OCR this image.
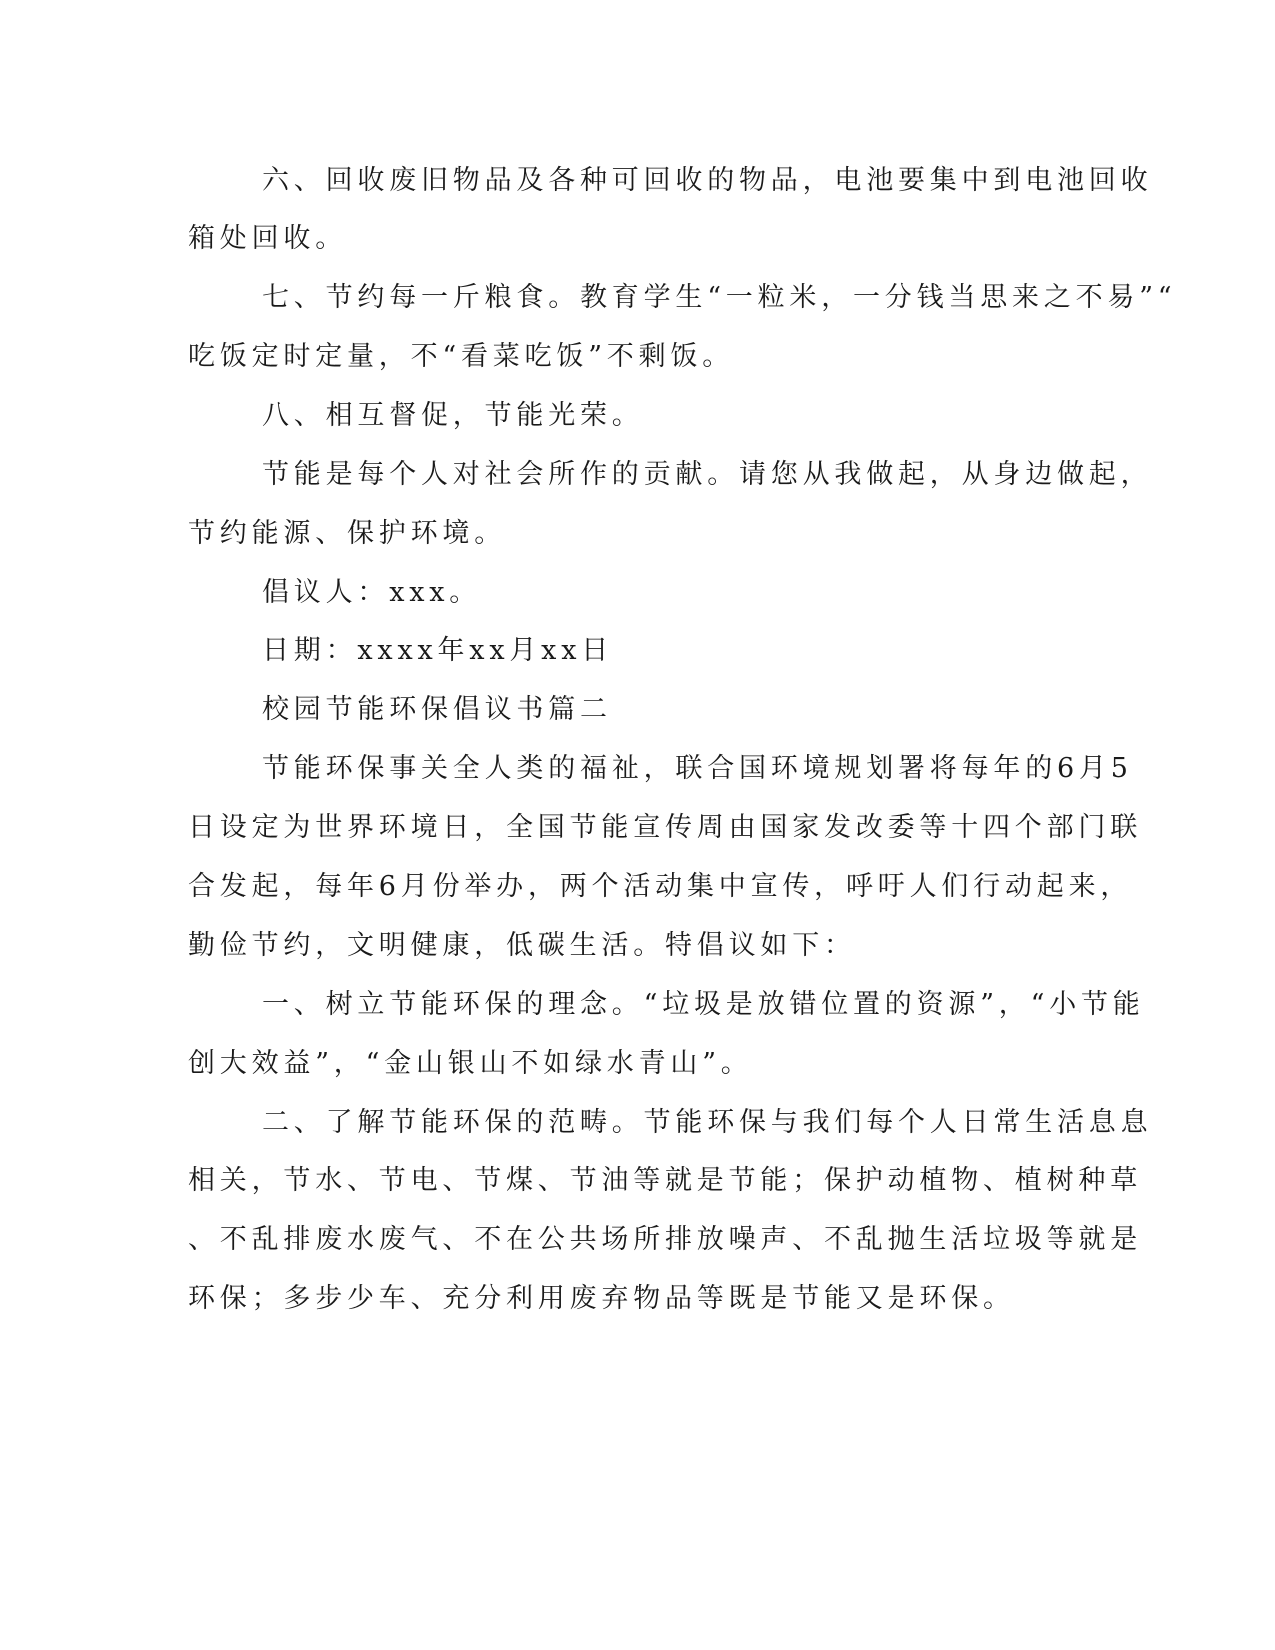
六、回收废旧物品及各种可回收的物品，电池要集中到电池回收
箱处回收。
七、节约每一斤粮食。教育学生“一粒米，一分钱当思来之不易”“
吃饭定时定量，不“看菜吃饭”不剩饭。
八、相互督促，节能光荣。
节能是每个人对社会所作的贡献。请您从我做起，从身边做起，
节约能源、保护环境。
倡议人：xxx。
日期：xxxx年xx月xx日
校园节能环保倡议书篇二
节能环保事关全人类的福祉，联合国环境规划署将每年的6月5
日设定为世界环境日，全国节能宣传周由国家发改委等十四个部门联
合发起，每年6月份举办，两个活动集中宣传，呼吁人们行动起来，
勤俭节约，文明健康，低碳生活。特倡议如下：
一、树立节能环保的理念。“垃圾是放错位置的资源”，“小节能
创大效益”，“金山银山不如绿水青山”。
二、了解节能环保的范畴。节能环保与我们每个人日常生活息息
相关，节水、节电、节煤、节油等就是节能；保护动植物、植树种草
、不乱排废水废气、不在公共场所排放噪声、不乱抛生活垃圾等就是
环保；多步少车、充分利用废弃物品等既是节能又是环保。
